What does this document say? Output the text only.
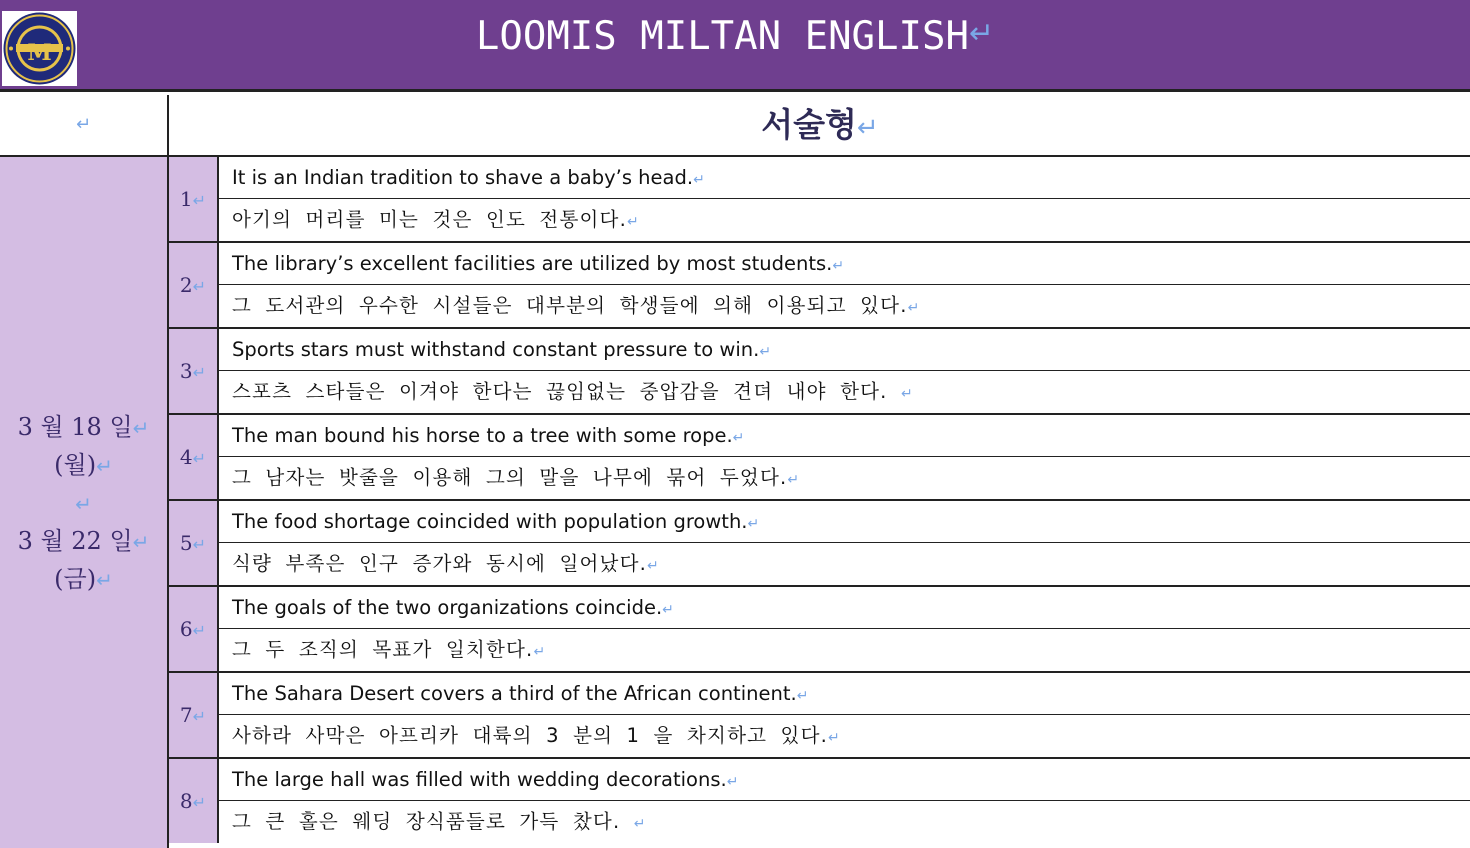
M	LOOMIS MILTAN ENGLISH↵
↵	서술형↵
3 월 18 일↵
(월)↵
↵
3 월 22 일↵
(금)↵
1↵
It is an Indian tradition to shave a baby’s head.↵
아기의 머리를 미는 것은 인도 전통이다.↵
2↵
The library’s excellent facilities are utilized by most students.↵
그 도서관의 우수한 시설들은 대부분의 학생들에 의해 이용되고 있다.↵
3↵
Sports stars must withstand constant pressure to win.↵
스포츠 스타들은 이겨야 한다는 끊임없는 중압감을 견뎌 내야 한다. ↵
4↵
The man bound his horse to a tree with some rope.↵
그 남자는 밧줄을 이용해 그의 말을 나무에 묶어 두었다.↵
5↵
The food shortage coincided with population growth.↵
식량 부족은 인구 증가와 동시에 일어났다.↵
6↵
The goals of the two organizations coincide.↵
그 두 조직의 목표가 일치한다.↵
7↵
The Sahara Desert covers a third of the African continent.↵
사하라 사막은 아프리카 대륙의 3 분의 1 을 차지하고 있다.↵
8↵
The large hall was filled with wedding decorations.↵
그 큰 홀은 웨딩 장식품들로 가득 찼다. ↵
